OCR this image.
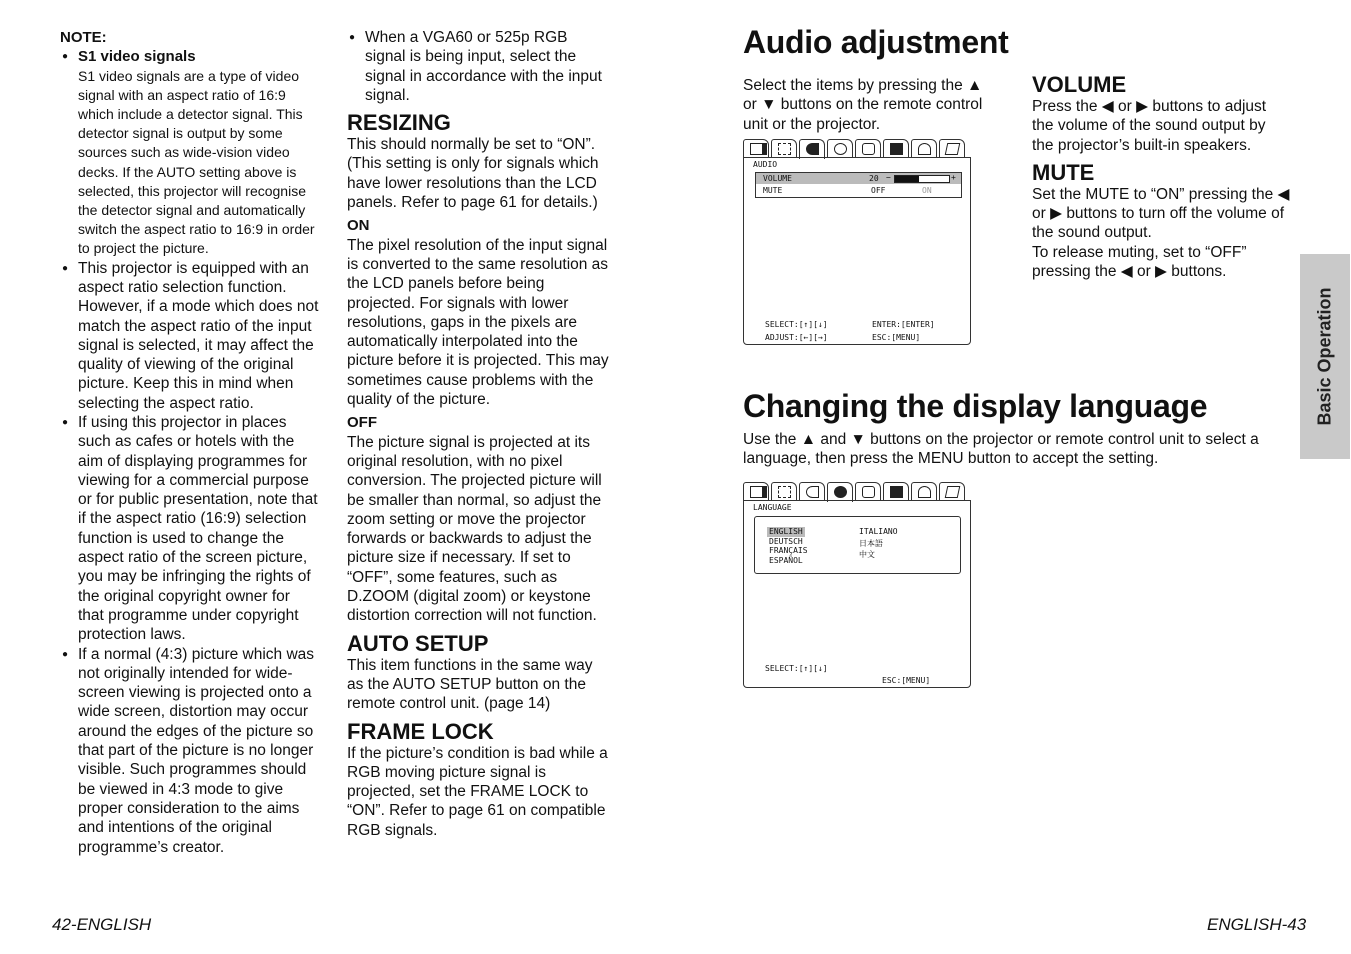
NOTE:
● S1 video signals
S1 video signals are a type of video signal with an aspect ratio of 16:9 which include a detector signal. This detector signal is output by some sources such as wide-vision video decks. If the AUTO setting above is selected, this projector will recognise the detector signal and automatically switch the aspect ratio to 16:9 in order to project the picture.
● This projector is equipped with an aspect ratio selection function. However, if a mode which does not match the aspect ratio of the input signal is selected, it may affect the quality of viewing of the original picture. Keep this in mind when selecting the aspect ratio.
● If using this projector in places such as cafes or hotels with the aim of displaying programmes for viewing for a commercial purpose or for public presentation, note that if the aspect ratio (16:9) selection function is used to change the aspect ratio of the screen picture, you may be infringing the rights of the original copyright owner for that programme under copyright protection laws.
● If a normal (4:3) picture which was not originally intended for wide-screen viewing is projected onto a wide screen, distortion may occur around the edges of the picture so that part of the picture is no longer visible. Such programmes should be viewed in 4:3 mode to give proper consideration to the aims and intentions of the original programme’s creator.
● When a VGA60 or 525p RGB signal is being input, select the signal in accordance with the input signal.
RESIZING

This should normally be set to “ON”. (This setting is only for signals which have lower resolutions than the LCD panels. Refer to page 61 for details.)

ON

The pixel resolution of the input signal is converted to the same resolution as the LCD panels before being projected. For signals with lower resolutions, gaps in the pixels are automatically interpolated into the picture before it is projected. This may sometimes cause problems with the quality of the picture.

OFF

The picture signal is projected at its original resolution, with no pixel conversion. The projected picture will be smaller than normal, so adjust the zoom setting or move the projector forwards or backwards to adjust the picture size if necessary. If set to “OFF”, some features, such as D.ZOOM (digital zoom) or keystone distortion correction will not function.

AUTO SETUP

This item functions in the same way as the AUTO SETUP button on the remote control unit. (page 14)

FRAME LOCK

If the picture’s condition is bad while a RGB moving picture signal is projected, set the FRAME LOCK to “ON”. Refer to page 61 on compatible RGB signals.

Audio adjustment
Select the items by pressing the ▲ or ▼ buttons on the remote control unit or the projector.
VOLUME

Press the ◀ or ▶ buttons to adjust the volume of the sound output by the projector’s built-in speakers.

MUTE

Set the MUTE to “ON” pressing the ◀ or ▶ buttons to turn off the volume of the sound output.

To release muting, set to “OFF” pressing the ◀ or ▶ buttons.

AUDIO
VOLUME	20 −	+
MUTE	OFF	ON
SELECT:[↑][↓]
ADJUST:[←][→]
ENTER:[ENTER]
ESC:[MENU]
Changing the display language
Use the ▲ and ▼ buttons on the projector or remote control unit to select a language, then press the MENU button to accept the setting.
LANGUAGE
ENGLISH
DEUTSCH
FRANÇAIS
ESPAÑOL
ITALIANO
日本語
中文
SELECT:[↑][↓]
ESC:[MENU]
Basic Operation
42-ENGLISH	ENGLISH-43
